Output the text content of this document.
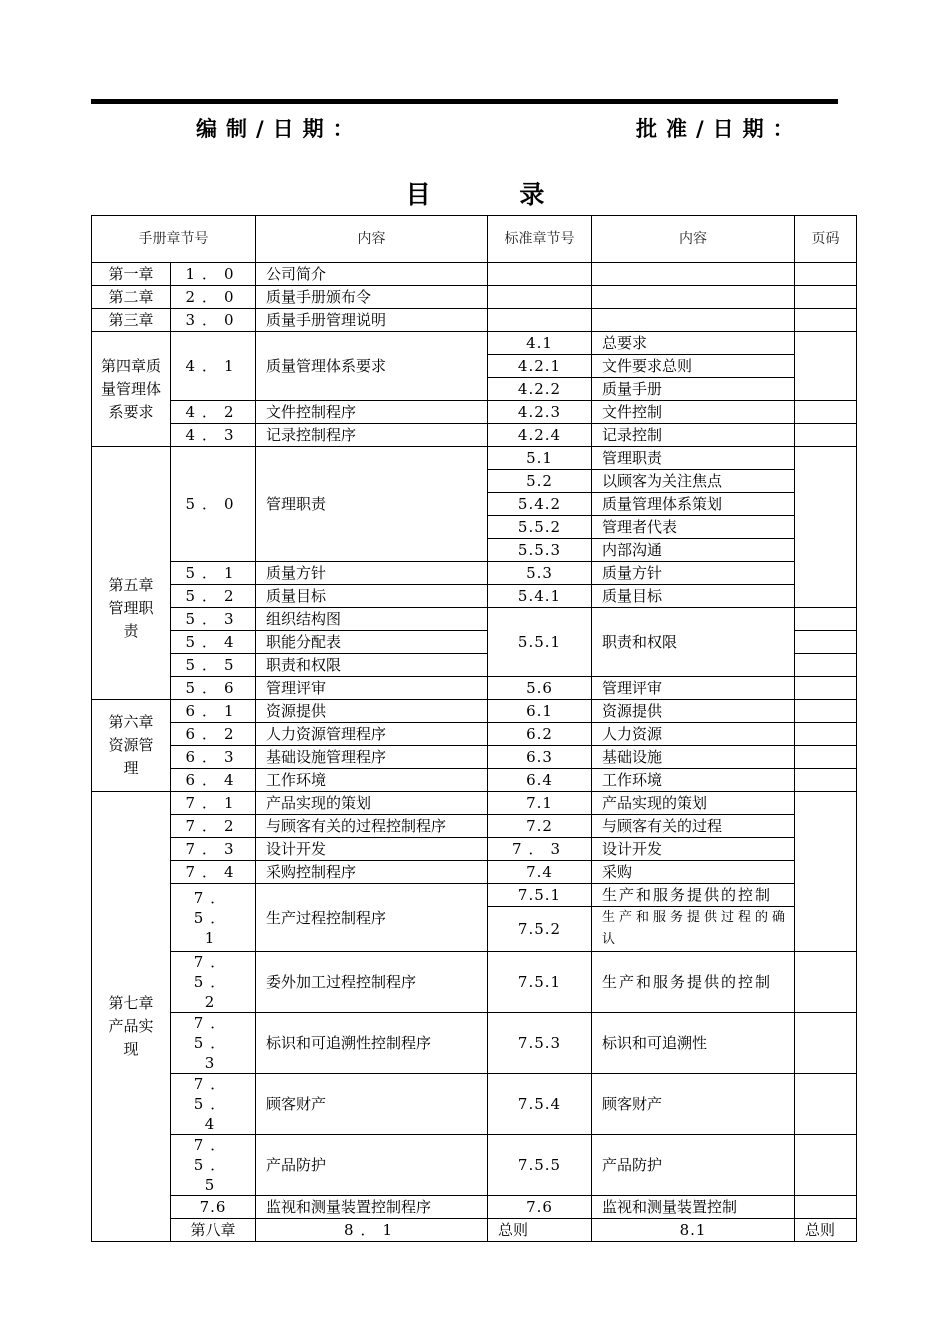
编制/日期：	批准/日期：
目 录
手册章节号		内容	标准章节号	内容	页码	
第一章	1．0	公司简介				
第二章	2．0	质量手册颁布令				
第三章	3．0	质量手册管理说明				
第四章质量管理体系要求	4．1	质量管理体系要求	4.1	总要求		
			4.2.1	文件要求总则		
			4.2.2	质量手册		
	4．2	文件控制程序	4.2.3	文件控制		
	4．3	记录控制程序	4.2.4	记录控制		
第五章管理职责	5．0	管理职责	5.1	管理职责		
			5.2	以顾客为关注焦点		
			5.4.2	质量管理体系策划		
			5.5.2	管理者代表		
			5.5.3	内部沟通		
	5．1	质量方针	5.3	质量方针		
	5．2	质量目标	5.4.1	质量目标		
	5．3	组织结构图	5.5.1	职责和权限		
	5．4	职能分配表				
	5．5	职责和权限				
	5．6	管理评审	5.6	管理评审		
第六章资源管理	6．1	资源提供	6.1	资源提供		
	6．2	人力资源管理程序	6.2	人力资源		
	6．3	基础设施管理程序	6.3	基础设施		
	6．4	工作环境	6.4	工作环境		
第七章产品实现	7．1	产品实现的策划	7.1	产品实现的策划		
	7．2	与顾客有关的过程控制程序	7.2	与顾客有关的过程		
	7．3	设计开发	7．3	设计开发		
	7．4	采购控制程序	7.4	采购		
	7．5．1	生产过程控制程序	7.5.1	生产和服务提供的控制		
			7.5.2	生产和服务提供过程的确认		
	7．5．2	委外加工过程控制程序	7.5.1	生产和服务提供的控制		
	7．5．3	标识和可追溯性控制程序	7.5.3	标识和可追溯性		
	7．5．4	顾客财产	7.5.4	顾客财产		
	7．5．5	产品防护	7.5.5	产品防护		
	7.6	监视和测量装置控制程序	7.6	监视和测量装置控制		
	第八章	8．1	总则	8.1	总则	
